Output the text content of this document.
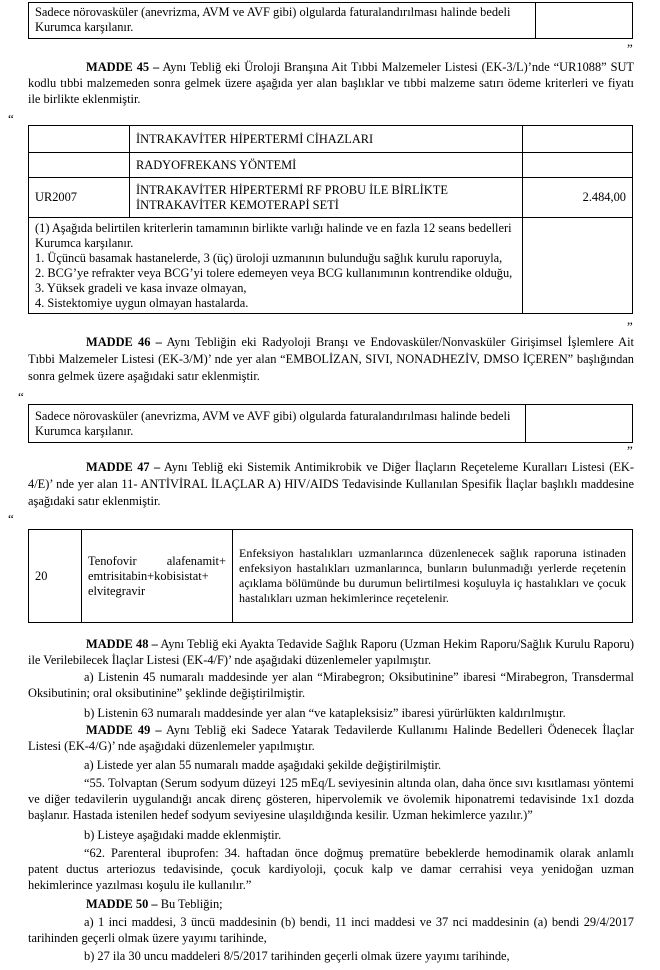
Sadece nörovasküler (anevrizma, AVM ve AVF gibi) olgularda faturalandırılması halinde bedeli Kurumca karşılanır.	
”
MADDE 45 – Aynı Tebliğ eki Üroloji Branşına Ait Tıbbi Malzemeler Listesi (EK-3/L)’nde “UR1088” SUT kodlu tıbbi malzemeden sonra gelmek üzere aşağıda yer alan başlıklar ve tıbbi malzeme satırı ödeme kriterleri ve fiyatı ile birlikte eklenmiştir.
“
	İNTRAKAVİTER HİPERTERMİ CİHAZLARI	
	RADYOFREKANS YÖNTEMİ	
UR2007	İNTRAKAVİTER HİPERTERMİ RF PROBU İLE BİRLİKTE İNTRAKAVİTER KEMOTERAPİ SETİ	2.484,00

(1) Aşağıda belirtilen kriterlerin tamamının birlikte varlığı halinde ve en fazla 12 seans bedelleri Kurumca karşılanır.
1. Üçüncü basamak hastanelerde, 3 (üç) üroloji uzmanının bulunduğu sağlık kurulu raporuyla,
2. BCG’ye refrakter veya BCG’yi tolere edemeyen veya BCG kullanımının kontrendike olduğu,
3. Yüksek gradeli ve kasa invaze olmayan,
4. Sistektomiye uygun olmayan hastalarda.		

”
MADDE 46 – Aynı Tebliğin eki Radyoloji Branşı ve Endovasküler/Nonvasküler Girişimsel İşlemlere Ait Tıbbi Malzemeler Listesi (EK-3/M)’ nde yer alan “EMBOLİZAN, SIVI, NONADHEZİV, DMSO İÇEREN” başlığından sonra gelmek üzere aşağıdaki satır eklenmiştir.
“
Sadece nörovasküler (anevrizma, AVM ve AVF gibi) olgularda faturalandırılması halinde bedeli Kurumca karşılanır.	
”
MADDE 47 – Aynı Tebliğ eki Sistemik Antimikrobik ve Diğer İlaçların Reçeteleme Kuralları Listesi (EK-4/E)’ nde yer alan 11- ANTİVİRAL İLAÇLAR A) HIV/AIDS Tedavisinde Kullanılan Spesifik İlaçlar başlıklı maddesine aşağıdaki satır eklenmiştir.
“
20	Tenofovir alafenamit+ emtrisitabin+kobisistat+ elvitegravir	Enfeksiyon hastalıkları uzmanlarınca düzenlenecek sağlık raporuna istinaden enfeksiyon hastalıkları uzmanlarınca, bunların bulunmadığı yerlerde reçetenin açıklama bölümünde bu durumun belirtilmesi koşuluyla iç hastalıkları ve çocuk hastalıkları uzman hekimlerince reçetelenir.
MADDE 48 – Aynı Tebliğ eki Ayakta Tedavide Sağlık Raporu (Uzman Hekim Raporu/Sağlık Kurulu Raporu) ile Verilebilecek İlaçlar Listesi (EK-4/F)’ nde aşağıdaki düzenlemeler yapılmıştır.
a) Listenin 45 numaralı maddesinde yer alan “Mirabegron; Oksibutinine” ibaresi “Mirabegron, Transdermal Oksibutinin; oral oksibutinine” şeklinde değiştirilmiştir.
b) Listenin 63 numaralı maddesinde yer alan “ve katapleksisiz” ibaresi yürürlükten kaldırılmıştır.
MADDE 49 – Aynı Tebliğ eki Sadece Yatarak Tedavilerde Kullanımı Halinde Bedelleri Ödenecek İlaçlar Listesi (EK-4/G)’ nde aşağıdaki düzenlemeler yapılmıştır.
a) Listede yer alan 55 numaralı madde aşağıdaki şekilde değiştirilmiştir.
“55. Tolvaptan (Serum sodyum düzeyi 125 mEq/L seviyesinin altında olan, daha önce sıvı kısıtlaması yöntemi ve diğer tedavilerin uygulandığı ancak direnç gösteren, hipervolemik ve övolemik hiponatremi tedavisinde 1x1 dozda başlanır. Hastada istenilen hedef sodyum seviyesine ulaşıldığında kesilir. Uzman hekimlerce yazılır.)”
b) Listeye aşağıdaki madde eklenmiştir.
“62. Parenteral ibuprofen: 34. haftadan önce doğmuş prematüre bebeklerde hemodinamik olarak anlamlı patent ductus arteriozus tedavisinde, çocuk kardiyoloji, çocuk kalp ve damar cerrahisi veya yenidoğan uzman hekimlerince yazılması koşulu ile kullanılır.”
MADDE 50 – Bu Tebliğin;
a) 1 inci maddesi, 3 üncü maddesinin (b) bendi, 11 inci maddesi ve 37 nci maddesinin (a) bendi 29/4/2017 tarihinden geçerli olmak üzere yayımı tarihinde,
b) 27 ila 30 uncu maddeleri 8/5/2017 tarihinden geçerli olmak üzere yayımı tarihinde,
